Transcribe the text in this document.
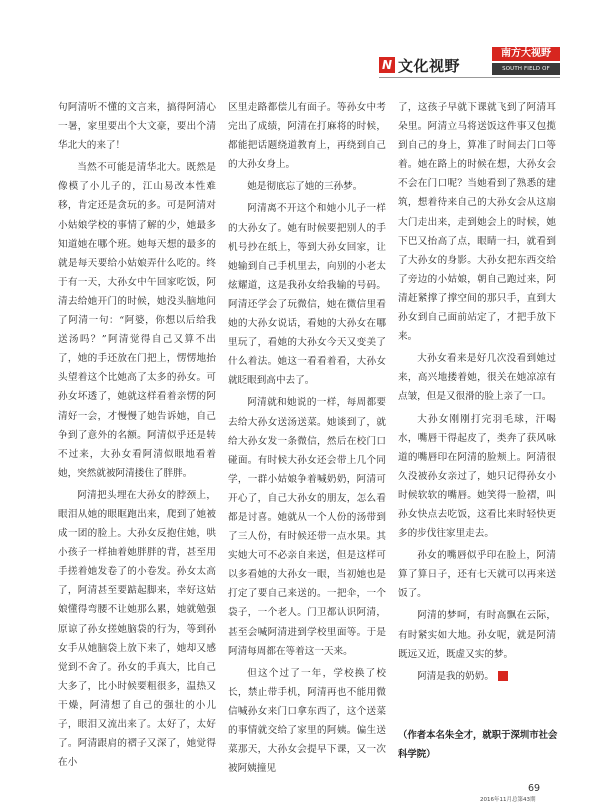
N 文化视野
南方大视野
SOUTH FIELD OF VISION

句阿清听不懂的文言来，搞得阿清心一暑，家里要出个大文豪，要出个清华北大的来了！

当然不可能是清华北大。既然是像模了小儿子的，江山易改本性难移，肯定还是贪玩的多。可是阿清对小姑娘学校的事情了解的少，她最多知道她在哪个班。她每天想的最多的就是每天要给小姑娘弄什么吃的。终于有一天，大孙女中午回家吃饭，阿清去给她开门的时候，她没头脑地问了阿清一句：“阿婆，你想以后给我送汤吗？”阿清觉得自己又算不出了，她的手还放在门把上，愣愣地抬头望着这个比她高了太多的孙女。可孙女坏透了，她就这样看着亲愣的阿清好一会，才慢慢了她告诉她，自己争到了意外的名额。阿清似乎还是转不过来，大孙女看阿清似眼地看着她，突然就被阿清搂住了胖胖。

阿清把头埋在大孙女的脖颈上，眼泪从她的眼眶跑出来，爬到了她被成一团的脸上。大孙女反抱住她，哄小孩子一样抽着她胖胖的背，甚至用手搓着她发卷了的小卷发。孙女太高了，阿清甚至要踮起脚来，幸好这姑娘懂得弯腰不让她那么累，她就勉强原谅了孙女搓她脑袋的行为，等到孙女手从她脑袋上放下来了，她却又感觉到不舍了。孙女的手真大，比自己大多了，比小时候要粗很多，温热又干燥，阿清想了自己的强壮的小儿子，眼泪又流出来了。太好了，太好了。阿清跟肩的褶子又深了，她觉得在小

区里走路都偿儿有面子。等孙女中考完出了成绩，阿清在打麻将的时候，都能把话题绕道教育上，再绕到自己的大孙女身上。

她是彻底忘了她的三孙梦。

阿清离不开这个和她小儿子一样的大孙女了。她有时候要把别人的手机号抄在纸上，等到大孙女回家，让她输到自己手机里去，向别的小老太炫耀道，这是我孙女给我输的号码。阿清还学会了玩微信，她在微信里看她的大孙女说话，看她的大孙女在哪里玩了，看她的大孙女今天又变美了什么着法。她这一看看着看，大孙女就眨眼到高中去了。

阿清就和她说的一样，每周都要去给大孙女送汤送菜。她谈到了，就给大孙女发一条微信，然后在校门口碰面。有时候大孙女还会带上几个同学，一群小姑娘争着喊奶奶，阿清可开心了，自己大孙女的朋友，怎么看都是讨喜。她就从一个人份的汤带到了三人份，有时候还带一点水果。其实她大可不必亲自来送，但是这样可以多看她的大孙女一眼，当初她也是打定了要自己来送的。一把伞，一个袋子，一个老人。门卫都认识阿清，甚至会喊阿清进到学校里面等。于是阿清每周都在等着这一天来。

但这个过了一年，学校换了校长，禁止带手机，阿清再也不能用微信喊孙女来门口拿东西了，这个送菜的事情就交给了家里的阿姨。偏生送菜那天，大孙女会提早下课，又一次被阿姨撞见

了，这孩子早就下课就飞到了阿清耳朵里。阿清立马将送饭这件事又包揽到自己的身上，算准了时间去门口等着。她在路上的时候在想，大孙女会不会在门口呢？当她看到了熟悉的建筑，想着待来自己的大孙女会从这扇大门走出来，走到她会上的时候，她下巴又抬高了点，眼睛一扫，就看到了大孙女的身影。大孙女把东西交给了旁边的小姑娘，朝自己跑过来，阿清赶紧撑了撑空间的那只手，直到大孙女到自己面前站定了，才把手放下来。

大孙女看来是好几次没看到她过来，高兴地搂着她，很关在她凉凉有点皱，但是又很滑的脸上亲了一口。

大孙女刚刚打完羽毛球，汗喝水，嘴唇干得起皮了，类奔了获风咏道的嘴唇印在阿清的脸颊上。阿清很久没被孙女亲过了，她只记得孙女小时候软软的嘴唇。她笑得一脸褶，叫孙女快点去吃饭，这看比来时轻快更多的步伐往家里走去。

孙女的嘴唇似乎印在脸上，阿清算了算日子，还有七天就可以再来送饭了。

阿清的梦呵，有时高飘在云际，有时紧实如大地。孙女呢，就是阿清既远又近，既虚又实的梦。

阿清是我的奶奶。	N

（作者本名朱全才，就职于深圳市社会科学院）
69
2016年11月总第43期
